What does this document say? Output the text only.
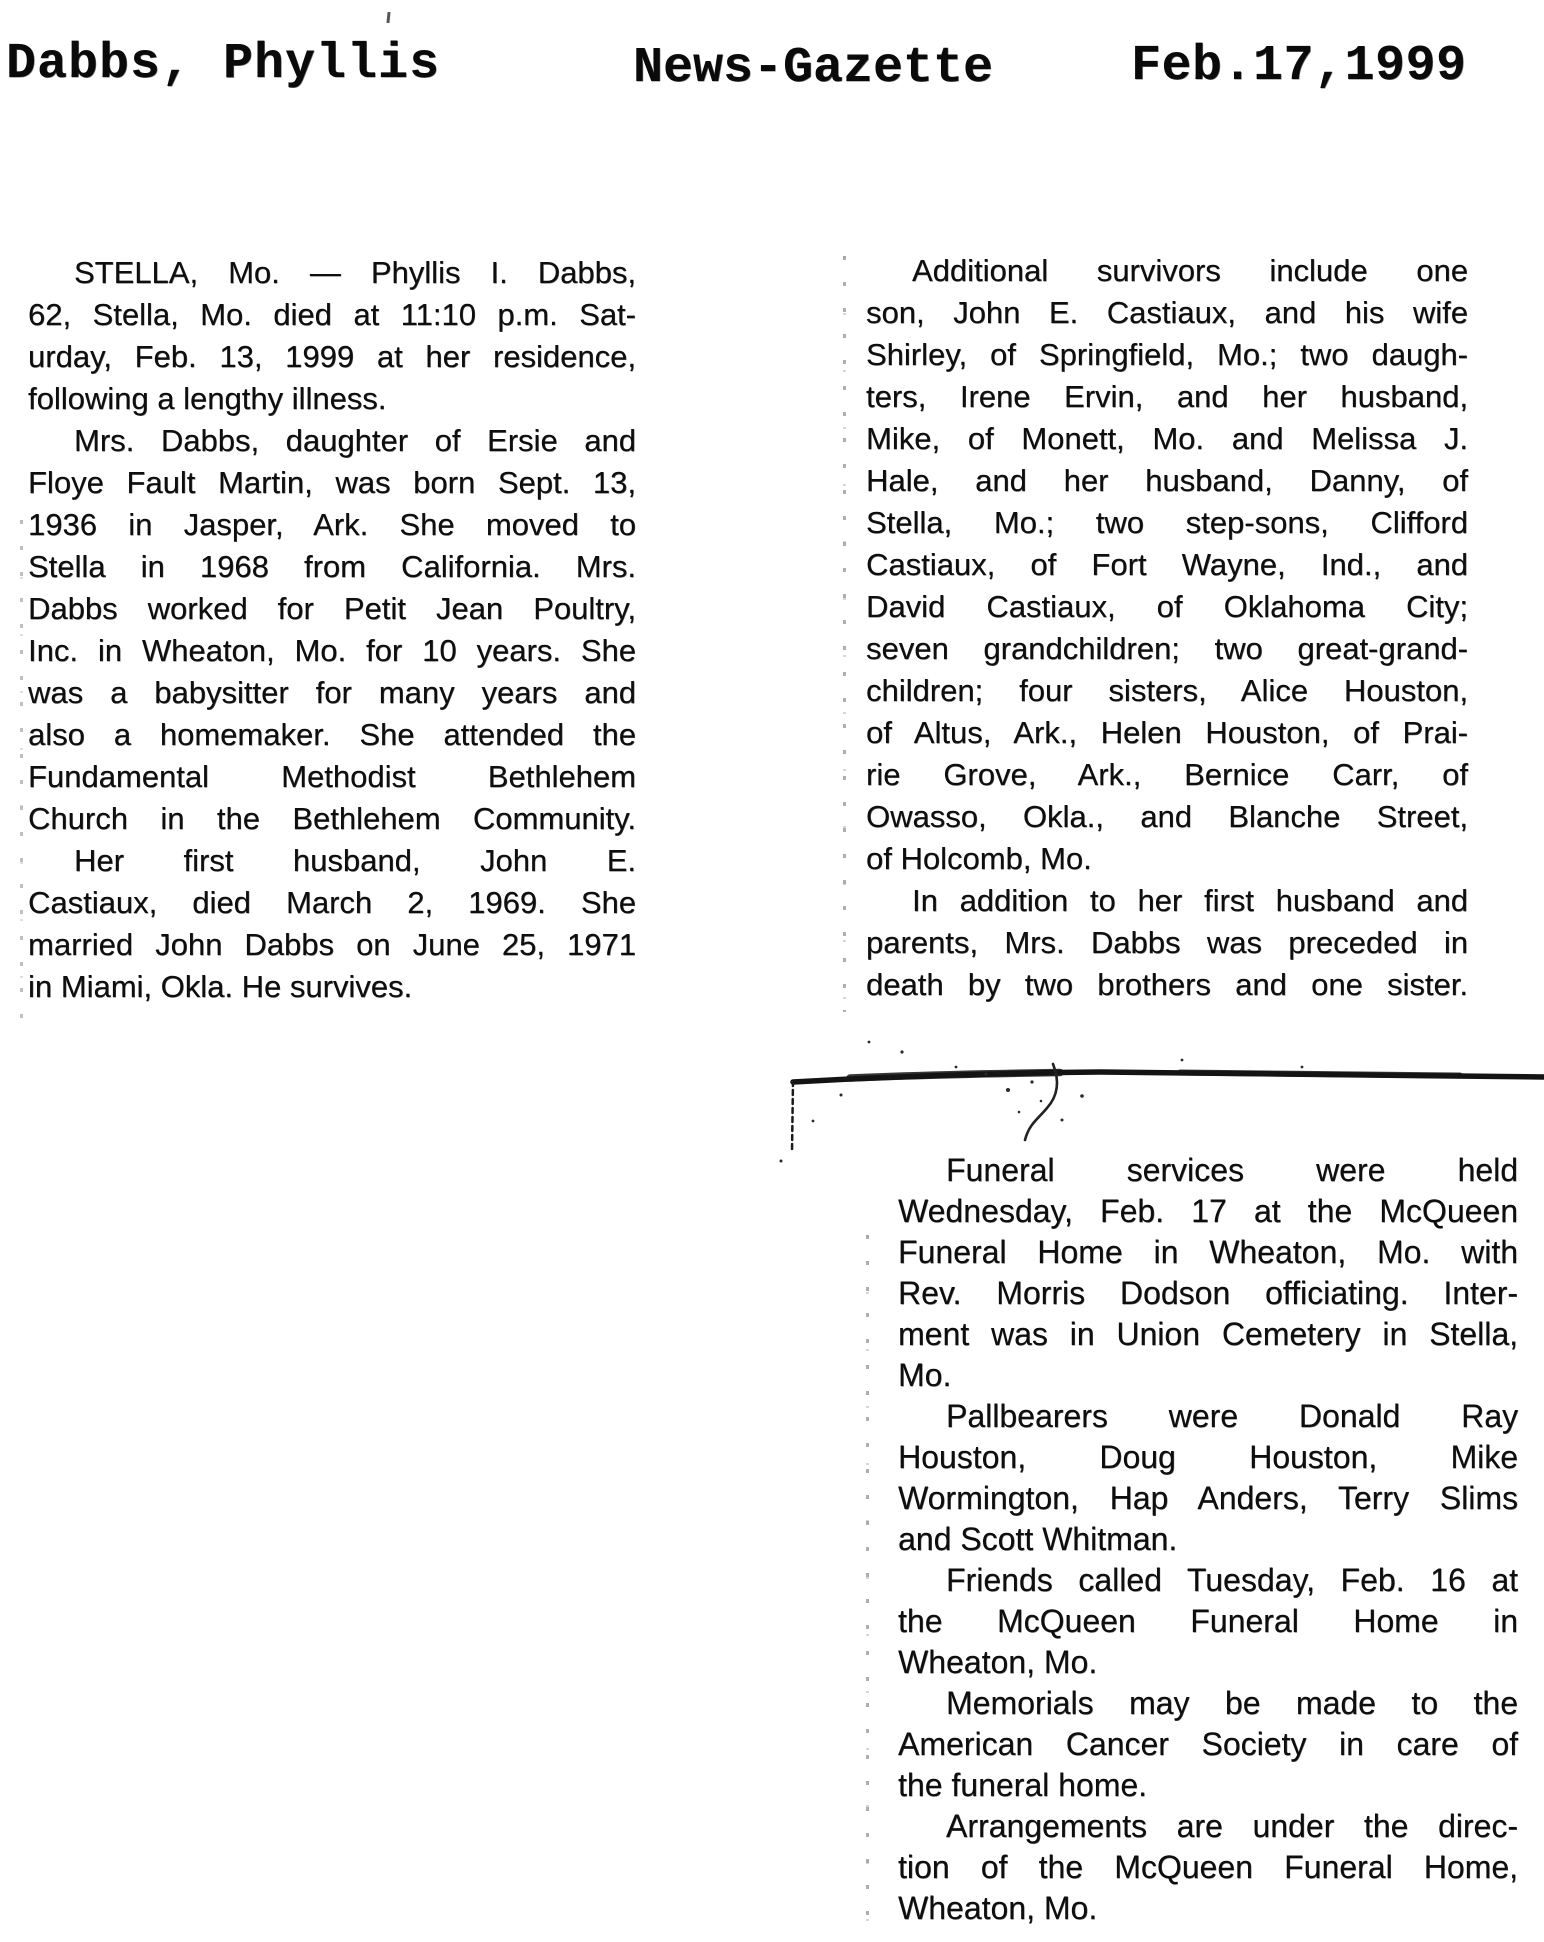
Dabbs, Phyllis	News-Gazette	Feb.17,1999
STELLA, Mo. — Phyllis I. Dabbs,
62, Stella, Mo. died at 11:10 p.m. Sat-
urday, Feb. 13, 1999 at her residence,
following a lengthy illness.
Mrs. Dabbs, daughter of Ersie and
Floye Fault Martin, was born Sept. 13,
1936 in Jasper, Ark. She moved to
Stella in 1968 from California. Mrs.
Dabbs worked for Petit Jean Poultry,
Inc. in Wheaton, Mo. for 10 years. She
was a babysitter for many years and
also a homemaker. She attended the
Fundamental Methodist Bethlehem
Church in the Bethlehem Community.
Her first husband, John E.
Castiaux, died March 2, 1969. She
married John Dabbs on June 25, 1971
in Miami, Okla. He survives.
Additional survivors include one
son, John E. Castiaux, and his wife
Shirley, of Springfield, Mo.; two daugh-
ters, Irene Ervin, and her husband,
Mike, of Monett, Mo. and Melissa J.
Hale, and her husband, Danny, of
Stella, Mo.; two step-sons, Clifford
Castiaux, of Fort Wayne, Ind., and
David Castiaux, of Oklahoma City;
seven grandchildren; two great-grand-
children; four sisters, Alice Houston,
of Altus, Ark., Helen Houston, of Prai-
rie Grove, Ark., Bernice Carr, of
Owasso, Okla., and Blanche Street,
of Holcomb, Mo.
In addition to her first husband and
parents, Mrs. Dabbs was preceded in
death by two brothers and one sister.
Funeral services were held
Wednesday, Feb. 17 at the McQueen
Funeral Home in Wheaton, Mo. with
Rev. Morris Dodson officiating. Inter-
ment was in Union Cemetery in Stella,
Mo.
Pallbearers were Donald Ray
Houston, Doug Houston, Mike
Wormington, Hap Anders, Terry Slims
and Scott Whitman.
Friends called Tuesday, Feb. 16 at
the McQueen Funeral Home in
Wheaton, Mo.
Memorials may be made to the
American Cancer Society in care of
the funeral home.
Arrangements are under the direc-
tion of the McQueen Funeral Home,
Wheaton, Mo.
